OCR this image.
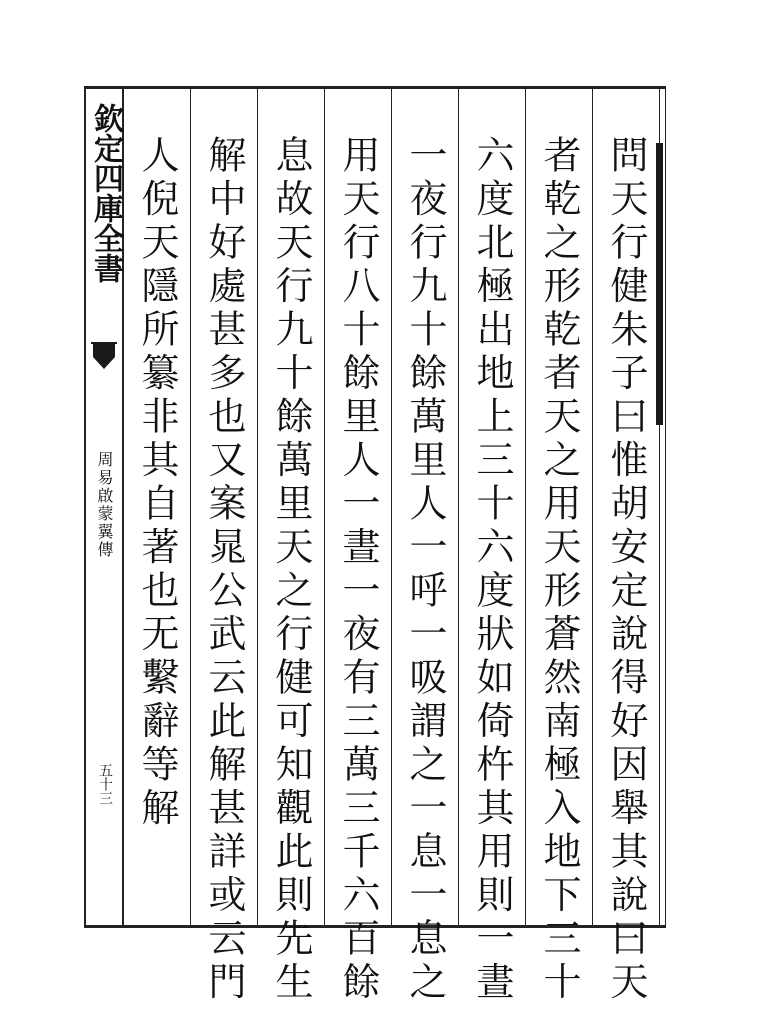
欽定四庫全書
周易啟蒙翼傳
五十三 人倪天隱所纂非其自著也无繫辭等解 解中好處甚多也又案晁公武云此解甚詳或云門 息故天行九十餘萬里天之行健可知觀此則先生 用天行八十餘里人一晝一夜有三萬三千六百餘 一夜行九十餘萬里人一呼一吸謂之一息一息之 六度北極出地上三十六度狀如倚杵其用則一晝 者乾之形乾者天之用天形蒼然南極入地下三十 問天行健朱子曰惟胡安定說得好因舉其說曰天
